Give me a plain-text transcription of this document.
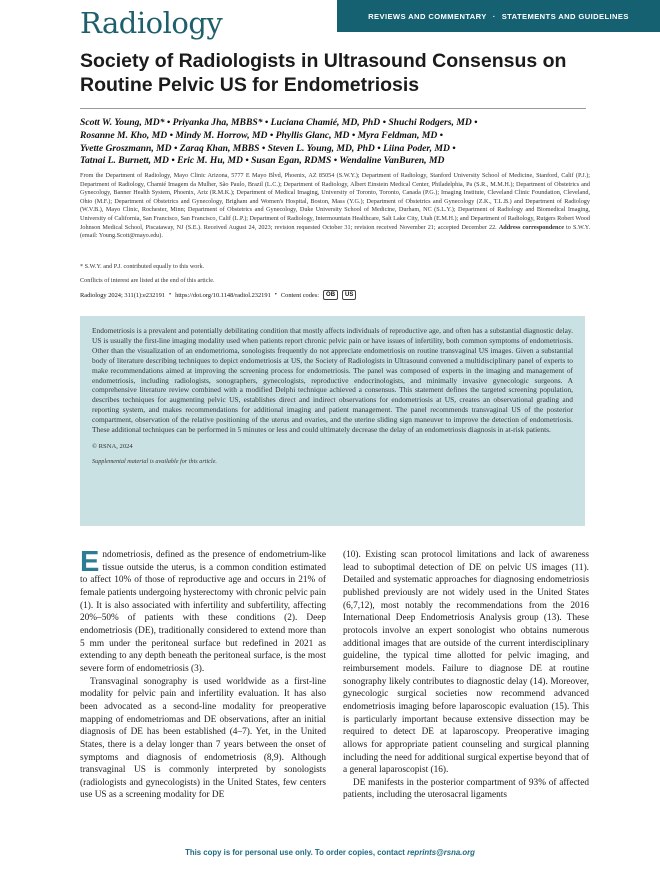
Radiology	REVIEWS AND COMMENTARY · STATEMENTS AND GUIDELINES
Society of Radiologists in Ultrasound Consensus on Routine Pelvic US for Endometriosis
Scott W. Young, MD* • Priyanka Jha, MBBS* • Luciana Chamié, MD, PhD • Shuchi Rodgers, MD •
Rosanne M. Kho, MD • Mindy M. Horrow, MD • Phyllis Glanc, MD • Myra Feldman, MD •
Yvette Groszmann, MD • Zaraq Khan, MBBS • Steven L. Young, MD, PhD • Liina Poder, MD •
Tatnai L. Burnett, MD • Eric M. Hu, MD • Susan Egan, RDMS • Wendaline VanBuren, MD
From the Department of Radiology, Mayo Clinic Arizona, 5777 E Mayo Blvd, Phoenix, AZ 85054 (S.W.Y.); Department of Radiology, Stanford University School of Medicine, Stanford, Calif (P.J.); Department of Radiology, Chamié Imagem da Mulher, São Paulo, Brazil (L.C.); Department of Radiology, Albert Einstein Medical Center, Philadelphia, Pa (S.R., M.M.H.); Department of Obstetrics and Gynecology, Banner Health System, Phoenix, Ariz (R.M.K.); Department of Medical Imaging, University of Toronto, Toronto, Canada (P.G.); Imaging Institute, Cleveland Clinic Foundation, Cleveland, Ohio (M.F.); Department of Obstetrics and Gynecology, Brigham and Women's Hospital, Boston, Mass (Y.G.); Department of Obstetrics and Gynecology (Z.K., T.L.B.) and Department of Radiology (W.V.B.), Mayo Clinic, Rochester, Minn; Department of Obstetrics and Gynecology, Duke University School of Medicine, Durham, NC (S.L.Y.); Department of Radiology and Biomedical Imaging, University of California, San Francisco, San Francisco, Calif (L.P.); Department of Radiology, Intermountain Healthcare, Salt Lake City, Utah (E.M.H.); and Department of Radiology, Rutgers Robert Wood Johnson Medical School, Piscataway, NJ (S.E.). Received August 24, 2023; revision requested October 31; revision received November 21; accepted December 22. Address correspondence to S.W.Y. (email: Young.Scott@mayo.edu).
* S.W.Y. and P.J. contributed equally to this work.
Conflicts of interest are listed at the end of this article.
Radiology 2024; 311(1):e232191 • https://doi.org/10.1148/radiol.232191 • Content codes:	OB	US

Endometriosis is a prevalent and potentially debilitating condition that mostly affects individuals of reproductive age, and often has a substantial diagnostic delay. US is usually the first-line imaging modality used when patients report chronic pelvic pain or have issues of infertility, both common symptoms of endometriosis. Other than the visualization of an endometrioma, sonologists frequently do not appreciate endometriosis on routine transvaginal US images. Given a substantial body of literature describing techniques to depict endometriosis at US, the Society of Radiologists in Ultrasound convened a multidisciplinary panel of experts to make recommendations aimed at improving the screening process for endometriosis. The panel was composed of experts in the imaging and management of endometriosis, including radiologists, sonographers, gynecologists, reproductive endocrinologists, and minimally invasive gynecologic surgeons. A comprehensive literature review combined with a modified Delphi technique achieved a consensus. This statement defines the targeted screening population, describes techniques for augmenting pelvic US, establishes direct and indirect observations for endometriosis at US, creates an observational grading and reporting system, and makes recommendations for additional imaging and patient management. The panel recommends transvaginal US of the posterior compartment, observation of the relative positioning of the uterus and ovaries, and the uterine sliding sign maneuver to improve the detection of endometriosis. These additional techniques can be performed in 5 minutes or less and could ultimately decrease the delay of an endometriosis diagnosis in at-risk patients.

© RSNA, 2024

Supplemental material is available for this article.

Endometriosis, defined as the presence of endometrium-like tissue outside the uterus, is a common condition estimated to affect 10% of those of reproductive age and occurs in 21% of female patients undergoing hysterectomy with chronic pelvic pain (1). It is also associated with infertility and subfertility, affecting 20%–50% of patients with these conditions (2). Deep endometriosis (DE), traditionally considered to extend more than 5 mm under the peritoneal surface but redefined in 2021 as extending to any depth beneath the peritoneal surface, is the most severe form of endometriosis (3).

Transvaginal sonography is used worldwide as a first-line modality for pelvic pain and infertility evaluation. It has also been advocated as a second-line modality for preoperative mapping of endometriomas and DE observations, after an initial diagnosis of DE has been established (4–7). Yet, in the United States, there is a delay longer than 7 years between the onset of symptoms and diagnosis of endometriosis (8,9). Although transvaginal US is commonly interpreted by sonologists (radiologists and gynecologists) in the United States, few centers use US as a screening modality for DE

(10). Existing scan protocol limitations and lack of awareness lead to suboptimal detection of DE on pelvic US images (11). Detailed and systematic approaches for diagnosing endometriosis published previously are not widely used in the United States (6,7,12), most notably the recommendations from the 2016 International Deep Endometriosis Analysis group (13). These protocols involve an expert sonologist who obtains numerous additional images that are outside of the current interdisciplinary guideline, the typical time allotted for pelvic imaging, and reimbursement models. Failure to diagnose DE at routine sonography likely contributes to diagnostic delay (14). Moreover, gynecologic surgical societies now recommend advanced endometriosis imaging before laparoscopic evaluation (15). This is particularly important because extensive dissection may be required to detect DE at laparoscopy. Preoperative imaging allows for appropriate patient counseling and surgical planning including the need for additional surgical expertise beyond that of a general laparoscopist (16).

DE manifests in the posterior compartment of 93% of affected patients, including the uterosacral ligaments

This copy is for personal use only. To order copies, contact reprints@rsna.org
